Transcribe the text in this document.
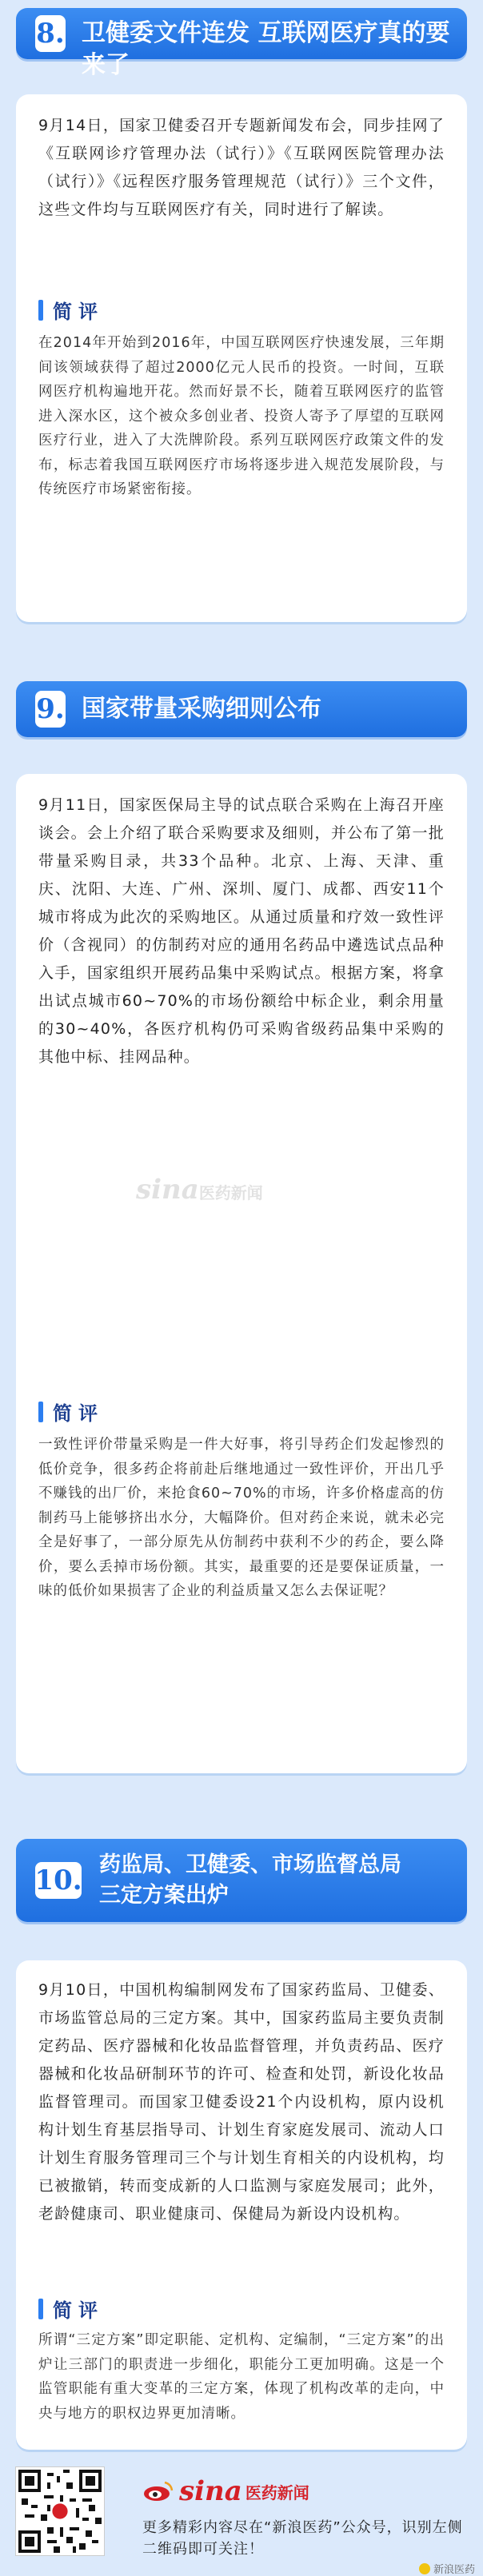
8. 卫健委文件连发 互联网医疗真的要来了
9月14日，国家卫健委召开专题新闻发布会，同步挂网了《互联网诊疗管理办法（试行）》《互联网医院管理办法（试行）》《远程医疗服务管理规范（试行）》三个文件，这些文件均与互联网医疗有关，同时进行了解读。
简评
在2014年开始到2016年，中国互联网医疗快速发展，三年期间该领域获得了超过2000亿元人民币的投资。一时间，互联网医疗机构遍地开花。然而好景不长，随着互联网医疗的监管进入深水区，这个被众多创业者、投资人寄予了厚望的互联网医疗行业，进入了大洗牌阶段。系列互联网医疗政策文件的发布，标志着我国互联网医疗市场将逐步进入规范发展阶段，与传统医疗市场紧密衔接。
9. 国家带量采购细则公布
9月11日，国家医保局主导的试点联合采购在上海召开座谈会。会上介绍了联合采购要求及细则，并公布了第一批带量采购目录，共33个品种。北京、上海、天津、重庆、沈阳、大连、广州、深圳、厦门、成都、西安11个城市将成为此次的采购地区。从通过质量和疗效一致性评价（含视同）的仿制药对应的通用名药品中遴选试点品种入手，国家组织开展药品集中采购试点。根据方案，将拿出试点城市60~70%的市场份额给中标企业，剩余用量的30~40%，各医疗机构仍可采购省级药品集中采购的其他中标、挂网品种。
sina医药新闻
简评
一致性评价带量采购是一件大好事，将引导药企们发起惨烈的低价竞争，很多药企将前赴后继地通过一致性评价，开出几乎不赚钱的出厂价，来抢食60~70%的市场，许多价格虚高的仿制药马上能够挤出水分，大幅降价。但对药企来说，就未必完全是好事了，一部分原先从仿制药中获利不少的药企，要么降价，要么丢掉市场份额。其实，最重要的还是要保证质量，一味的低价如果损害了企业的利益质量又怎么去保证呢？
10. 药监局、卫健委、市场监督总局
三定方案出炉
9月10日，中国机构编制网发布了国家药监局、卫健委、市场监管总局的三定方案。其中，国家药监局主要负责制定药品、医疗器械和化妆品监督管理，并负责药品、医疗器械和化妆品研制环节的许可、检查和处罚，新设化妆品监督管理司。而国家卫健委设21个内设机构，原内设机构计划生育基层指导司、计划生育家庭发展司、流动人口计划生育服务管理司三个与计划生育相关的内设机构，均已被撤销，转而变成新的人口监测与家庭发展司；此外，老龄健康司、职业健康司、保健局为新设内设机构。
简评
所谓“三定方案”即定职能、定机构、定编制，“三定方案”的出炉让三部门的职责进一步细化，职能分工更加明确。这是一个监管职能有重大变革的三定方案，体现了机构改革的走向，中央与地方的职权边界更加清晰。
sina 医药新闻
更多精彩内容尽在“新浪医药”公众号，识别左侧二维码即可关注！
新浪医药
